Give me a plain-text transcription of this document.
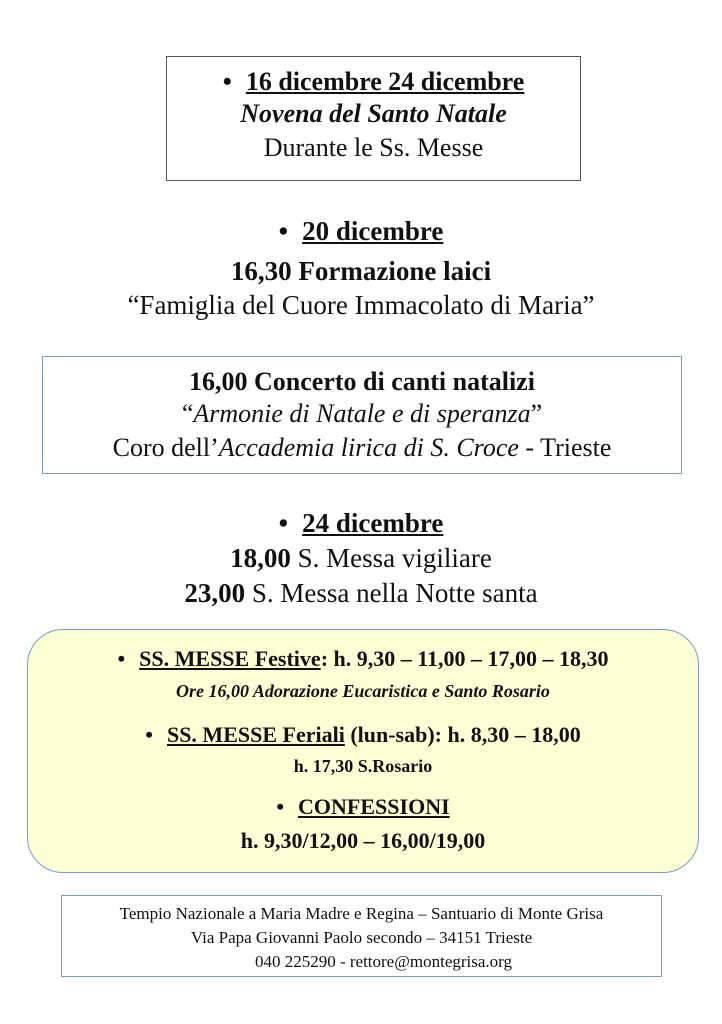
• 16 dicembre 24 dicembre
Novena del Santo Natale
Durante le Ss. Messe
• 20 dicembre
16,30 Formazione laici
“Famiglia del Cuore Immacolato di Maria”
16,00 Concerto di canti natalizi
“Armonie di Natale e di speranza”
Coro dell’Accademia lirica di S. Croce - Trieste
• 24 dicembre
18,00 S. Messa vigiliare
23,00 S. Messa nella Notte santa
• SS. MESSE Festive: h. 9,30 – 11,00 – 17,00 – 18,30
Ore 16,00 Adorazione Eucaristica e Santo Rosario
• SS. MESSE Feriali (lun-sab): h. 8,30 – 18,00
h. 17,30 S.Rosario
• CONFESSIONI
h. 9,30/12,00 – 16,00/19,00
Tempio Nazionale a Maria Madre e Regina – Santuario di Monte Grisa
Via Papa Giovanni Paolo secondo – 34151 Trieste
040 225290 - rettore@montegrisa.org
